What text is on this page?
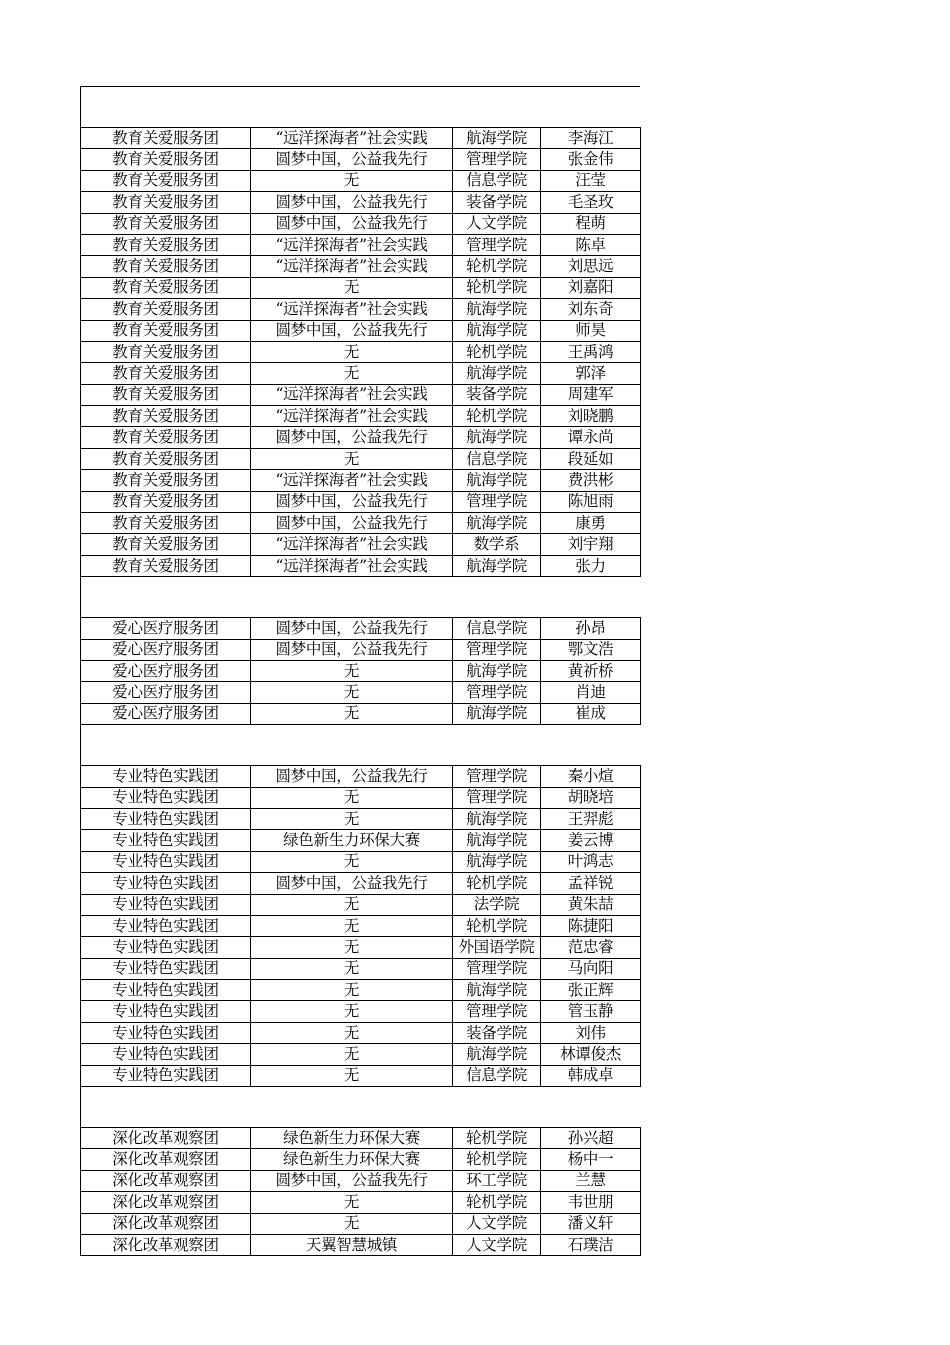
教育关爱服务团	“远洋探海者”社会实践	航海学院	李海江
教育关爱服务团	圆梦中国，公益我先行	管理学院	张金伟
教育关爱服务团	无	信息学院	汪莹
教育关爱服务团	圆梦中国，公益我先行	装备学院	毛圣玫
教育关爱服务团	圆梦中国，公益我先行	人文学院	程萌
教育关爱服务团	“远洋探海者”社会实践	管理学院	陈卓
教育关爱服务团	“远洋探海者”社会实践	轮机学院	刘思远
教育关爱服务团	无	轮机学院	刘嘉阳
教育关爱服务团	“远洋探海者”社会实践	航海学院	刘东奇
教育关爱服务团	圆梦中国，公益我先行	航海学院	师昊
教育关爱服务团	无	轮机学院	王禹鸿
教育关爱服务团	无	航海学院	郭泽
教育关爱服务团	“远洋探海者”社会实践	装备学院	周建军
教育关爱服务团	“远洋探海者”社会实践	轮机学院	刘晓鹏
教育关爱服务团	圆梦中国，公益我先行	航海学院	谭永尚
教育关爱服务团	无	信息学院	段延如
教育关爱服务团	“远洋探海者”社会实践	航海学院	费洪彬
教育关爱服务团	圆梦中国，公益我先行	管理学院	陈旭雨
教育关爱服务团	圆梦中国，公益我先行	航海学院	康勇
教育关爱服务团	“远洋探海者”社会实践	数学系	刘宇翔
教育关爱服务团	“远洋探海者”社会实践	航海学院	张力
爱心医疗服务团	圆梦中国，公益我先行	信息学院	孙昂
爱心医疗服务团	圆梦中国，公益我先行	管理学院	鄂文浩
爱心医疗服务团	无	航海学院	黄祈桥
爱心医疗服务团	无	管理学院	肖迪
爱心医疗服务团	无	航海学院	崔成
专业特色实践团	圆梦中国，公益我先行	管理学院	秦小煊
专业特色实践团	无	管理学院	胡晓培
专业特色实践团	无	航海学院	王羿彪
专业特色实践团	绿色新生力环保大赛	航海学院	姜云博
专业特色实践团	无	航海学院	叶鸿志
专业特色实践团	圆梦中国，公益我先行	轮机学院	孟祥锐
专业特色实践团	无	法学院	黄朱喆
专业特色实践团	无	轮机学院	陈捷阳
专业特色实践团	无	外国语学院	范忠睿
专业特色实践团	无	管理学院	马向阳
专业特色实践团	无	航海学院	张正辉
专业特色实践团	无	管理学院	管玉静
专业特色实践团	无	装备学院	刘伟
专业特色实践团	无	航海学院	林谭俊杰
专业特色实践团	无	信息学院	韩成卓
深化改革观察团	绿色新生力环保大赛	轮机学院	孙兴超
深化改革观察团	绿色新生力环保大赛	轮机学院	杨中一
深化改革观察团	圆梦中国，公益我先行	环工学院	兰慧
深化改革观察团	无	轮机学院	韦世朋
深化改革观察团	无	人文学院	潘义轩
深化改革观察团	天翼智慧城镇	人文学院	石璞洁
